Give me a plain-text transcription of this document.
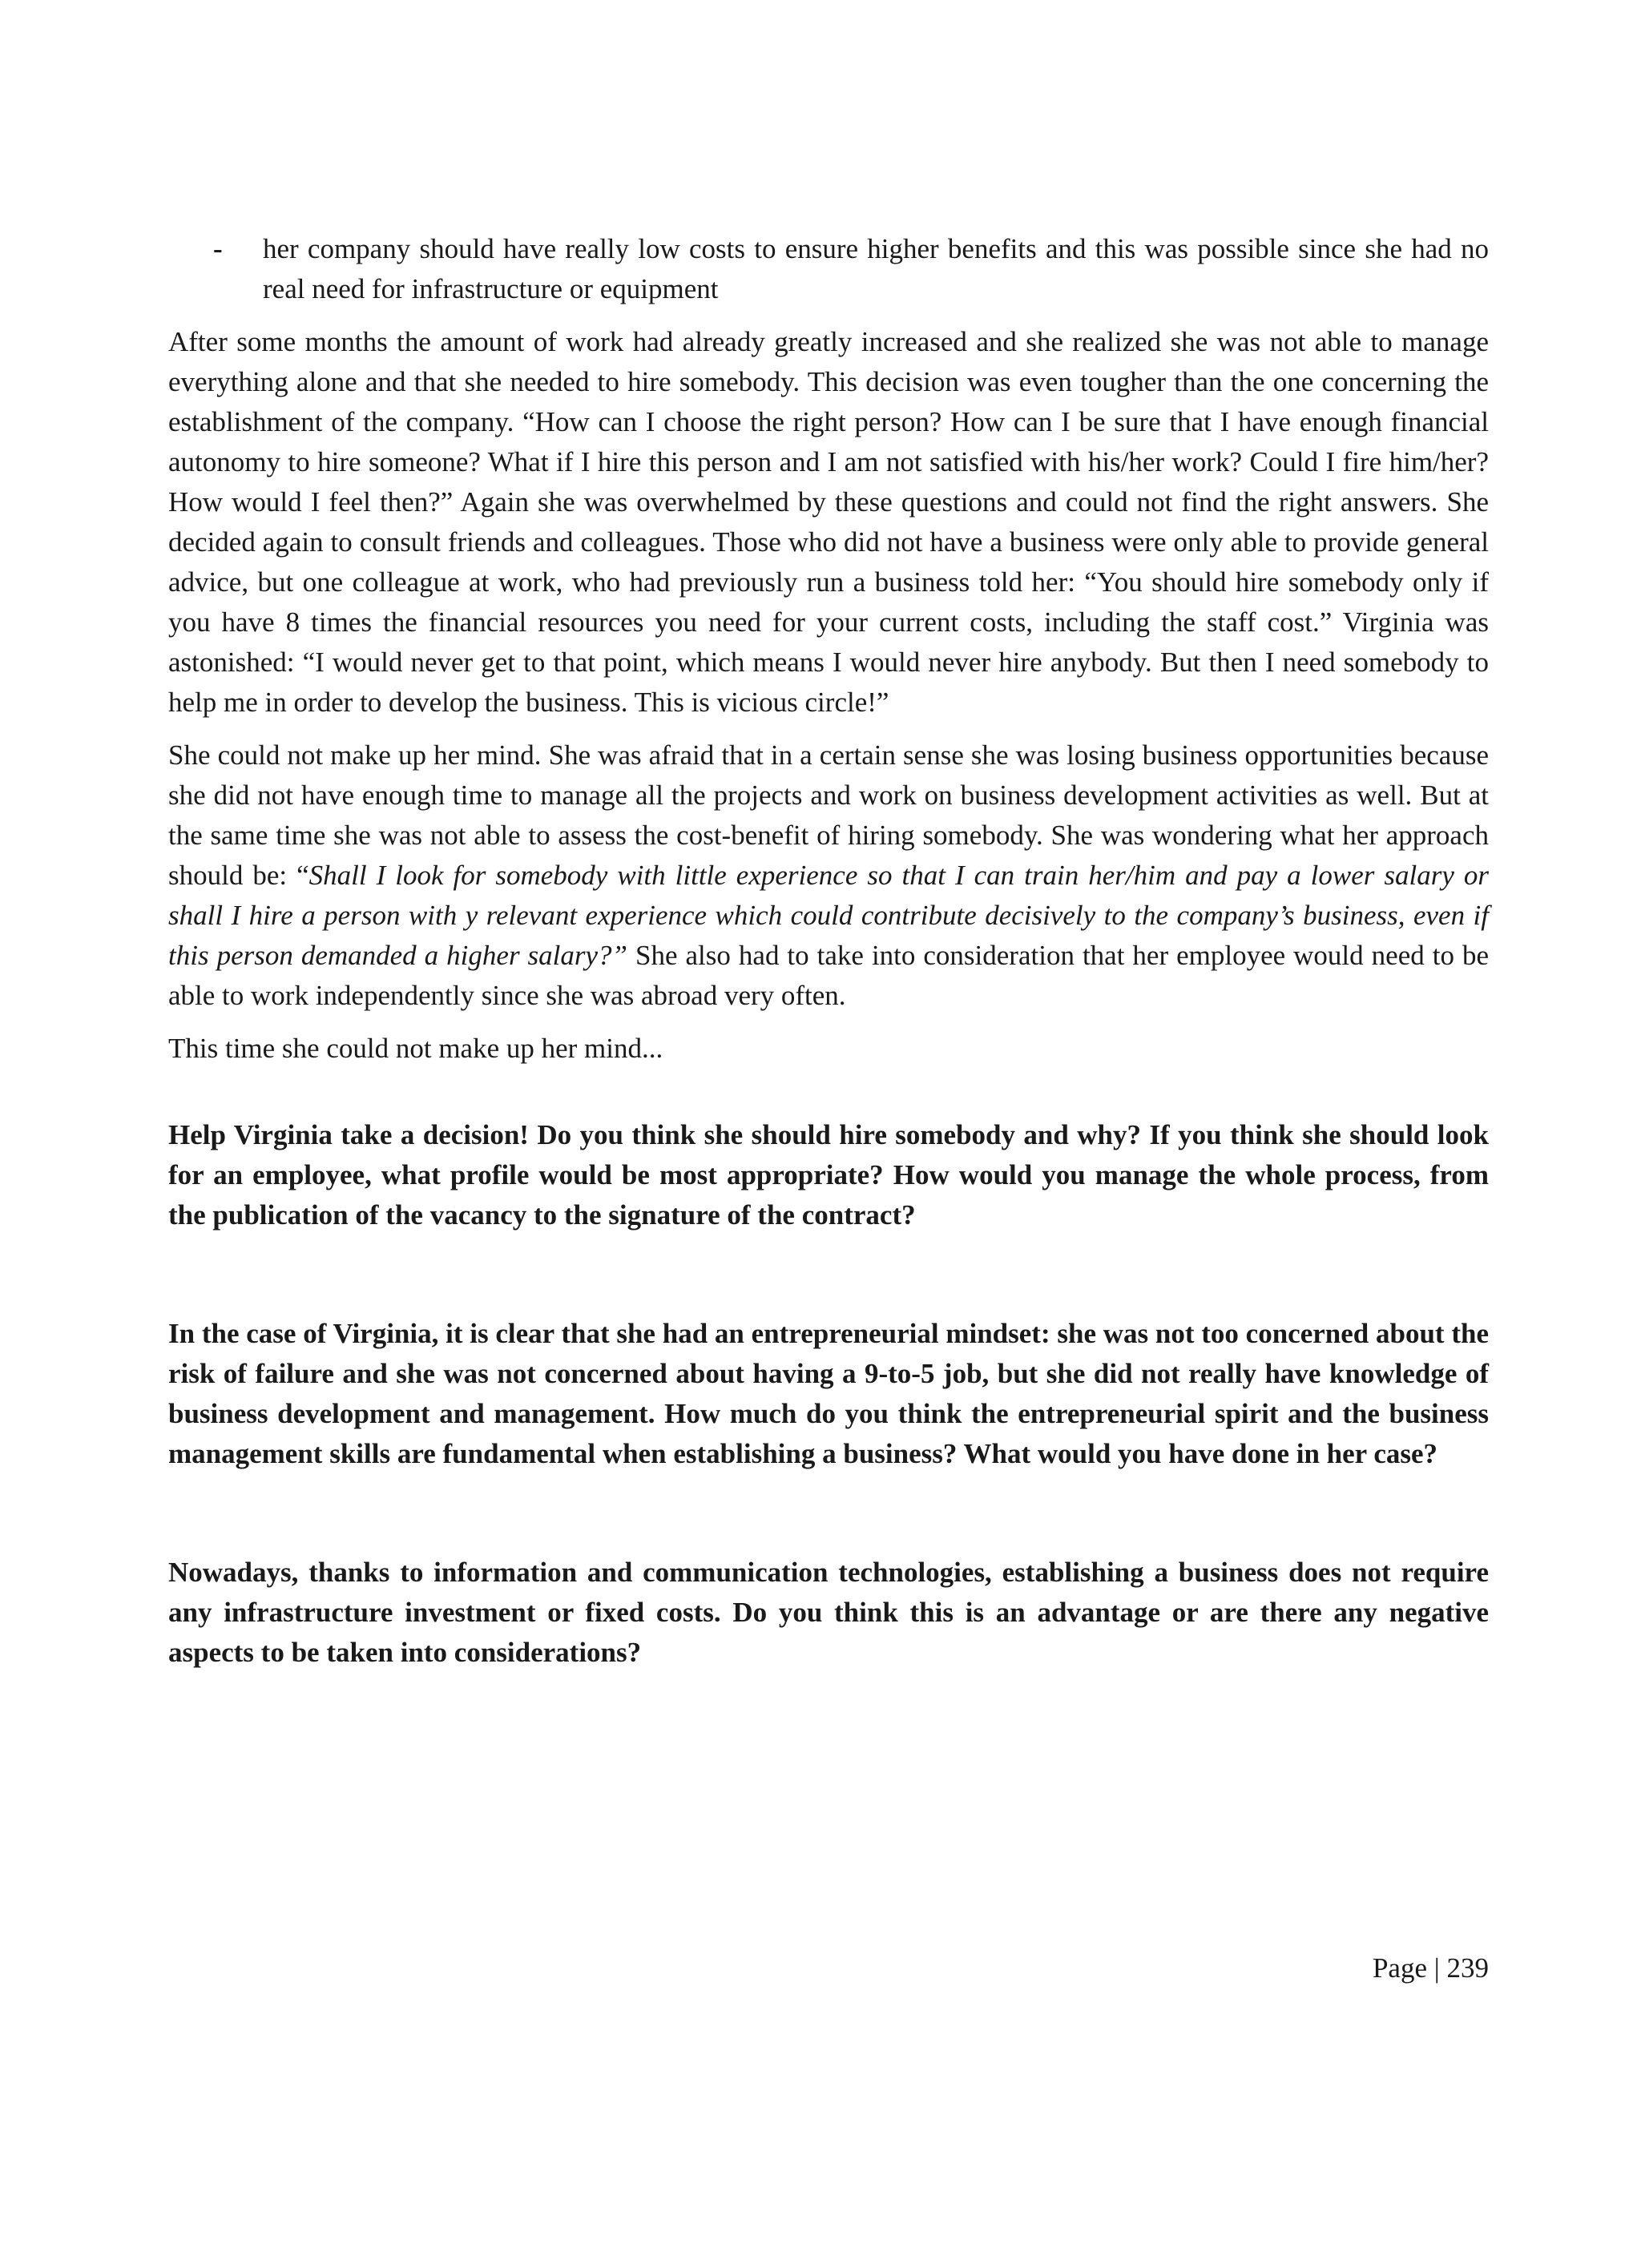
- her company should have really low costs to ensure higher benefits and this was possible since she had no real need for infrastructure or equipment

After some months the amount of work had already greatly increased and she realized she was not able to manage everything alone and that she needed to hire somebody. This decision was even tougher than the one concerning the establishment of the company. “How can I choose the right person? How can I be sure that I have enough financial autonomy to hire someone? What if I hire this person and I am not satisfied with his/her work? Could I fire him/her? How would I feel then?” Again she was overwhelmed by these questions and could not find the right answers. She decided again to consult friends and colleagues. Those who did not have a business were only able to provide general advice, but one colleague at work, who had previously run a business told her: “You should hire somebody only if you have 8 times the financial resources you need for your current costs, including the staff cost.” Virginia was astonished: “I would never get to that point, which means I would never hire anybody. But then I need somebody to help me in order to develop the business. This is vicious circle!”

She could not make up her mind. She was afraid that in a certain sense she was losing business opportunities because she did not have enough time to manage all the projects and work on business development activities as well. But at the same time she was not able to assess the cost-benefit of hiring somebody. She was wondering what her approach should be: “Shall I look for somebody with little experience so that I can train her/him and pay a lower salary or shall I hire a person with y relevant experience which could contribute decisively to the company’s business, even if this person demanded a higher salary?” She also had to take into consideration that her employee would need to be able to work independently since she was abroad very often.

This time she could not make up her mind...

Help Virginia take a decision! Do you think she should hire somebody and why? If you think she should look for an employee, what profile would be most appropriate? How would you manage the whole process, from the publication of the vacancy to the signature of the contract?

In the case of Virginia, it is clear that she had an entrepreneurial mindset: she was not too concerned about the risk of failure and she was not concerned about having a 9-to-5 job, but she did not really have knowledge of business development and management. How much do you think the entrepreneurial spirit and the business management skills are fundamental when establishing a business? What would you have done in her case?

Nowadays, thanks to information and communication technologies, establishing a business does not require any infrastructure investment or fixed costs. Do you think this is an advantage or are there any negative aspects to be taken into considerations?

Page | 239
